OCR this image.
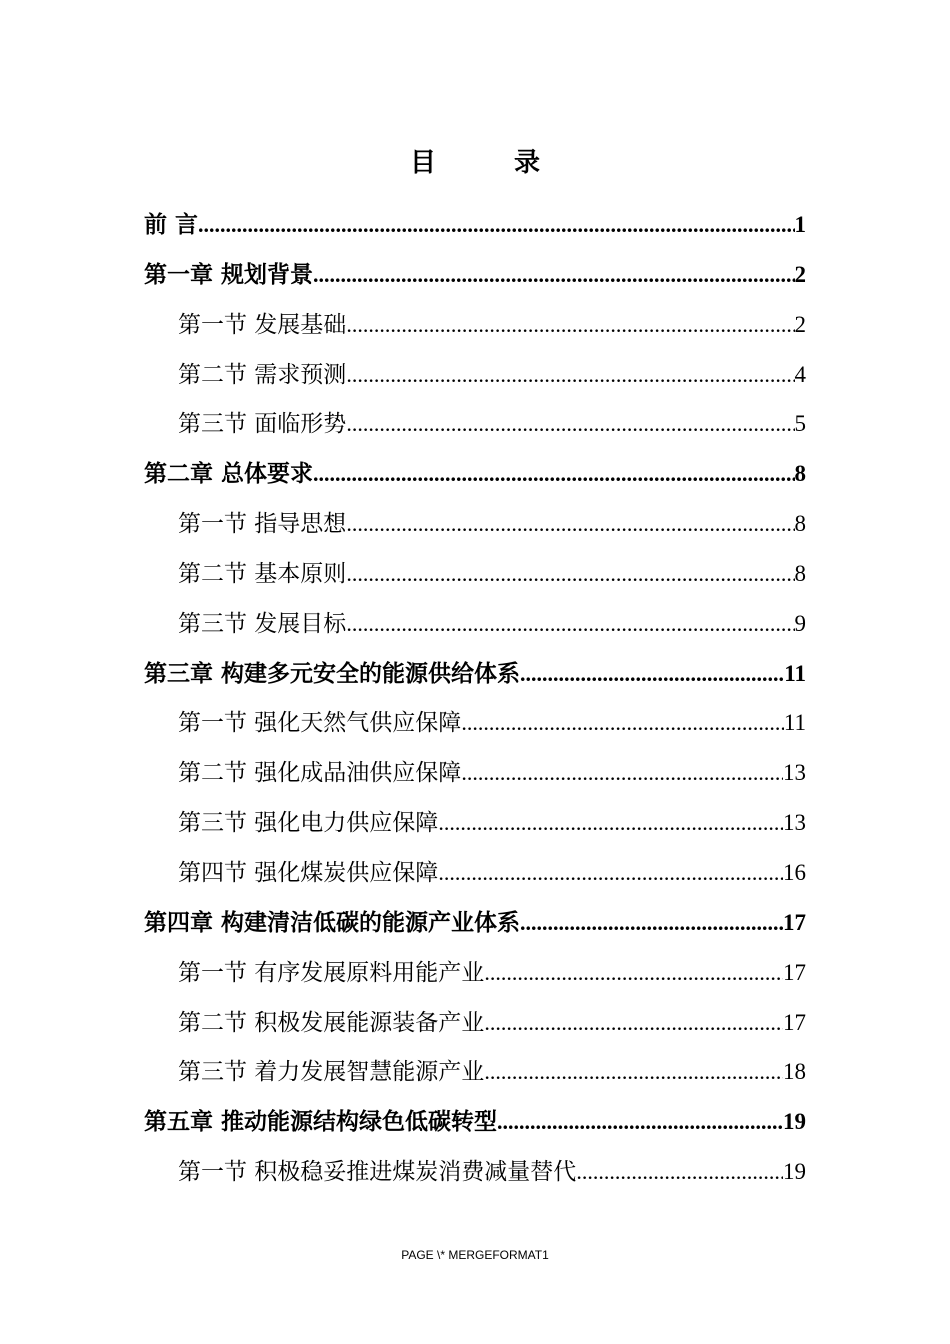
目　录
前 言 .....	1
第一章 规划背景 .....	2
第一节 发展基础 .....	2
第二节 需求预测 .....	4
第三节 面临形势 .....	5
第二章 总体要求 .....	8
第一节 指导思想 .....	8
第二节 基本原则 .....	8
第三节 发展目标 .....	9
第三章 构建多元安全的能源供给体系 .....	11
第一节 强化天然气供应保障 .....	11
第二节 强化成品油供应保障 .....	13
第三节 强化电力供应保障 .....	13
第四节 强化煤炭供应保障 .....	16
第四章 构建清洁低碳的能源产业体系 .....	17
第一节 有序发展原料用能产业 .....	17
第二节 积极发展能源装备产业 .....	17
第三节 着力发展智慧能源产业 .....	18
第五章 推动能源结构绿色低碳转型 .....	19
第一节 积极稳妥推进煤炭消费减量替代 .....	19
PAGE \* MERGEFORMAT1
